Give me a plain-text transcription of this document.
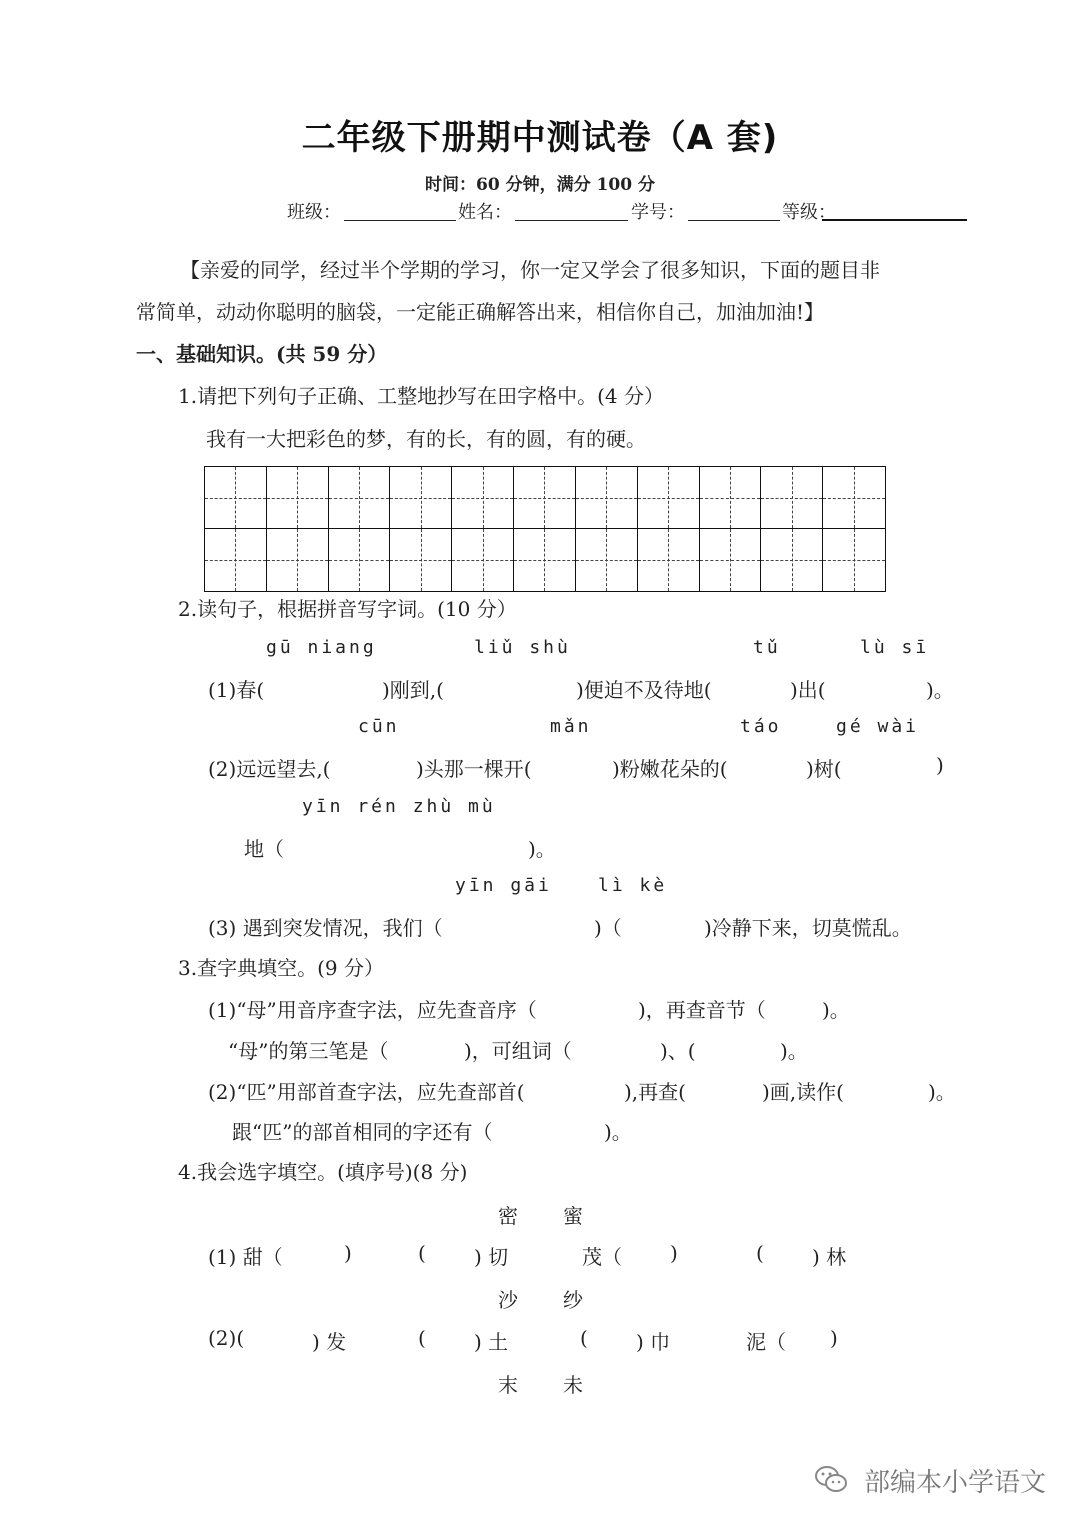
二年级下册期中测试卷（A 套)
时间：60 分钟，满分 100 分
班级：	姓名：	学号：	等级：
【亲爱的同学，经过半个学期的学习，你一定又学会了很多知识，下面的题目非
常简单，动动你聪明的脑袋，一定能正确解答出来，相信你自己，加油加油!】
一、基础知识。(共 59 分）
1.请把下列句子正确、工整地抄写在田字格中。(4 分）
我有一大把彩色的梦，有的长，有的圆，有的硬。
2.读句子，根据拼音写字词。(10 分）
gū niang	liǔ shù	tǔ	lù sī
(1)春(	)刚到,(	)便迫不及待地(	)出(	)。
cūn	mǎn	táo	gé wài
(2)远远望去,(	)头那一棵开(	)粉嫩花朵的(	)树(	)
yīn rén zhù mù
地（	)。
yīn gāi	lì kè
(3) 遇到突发情况，我们（	)（	)冷静下来，切莫慌乱。
3.查字典填空。(9 分）
(1)“母”用音序查字法，应先查音序（	)，再查音节（	)。
“母”的第三笔是（	)，可组词（	)、(	)。
(2)“匹”用部首查字法，应先查部首(	),再查(	)画,读作(	)。
跟“匹”的部首相同的字还有（	)。
4.我会选字填空。(填序号)(8 分)
密 蜜
(1) 甜（	)	( ) 切	茂（ )	( ) 林
沙 纱
(2)(	) 发	( ) 土	( ) 巾	泥（ )
末 未
部编本小学语文
